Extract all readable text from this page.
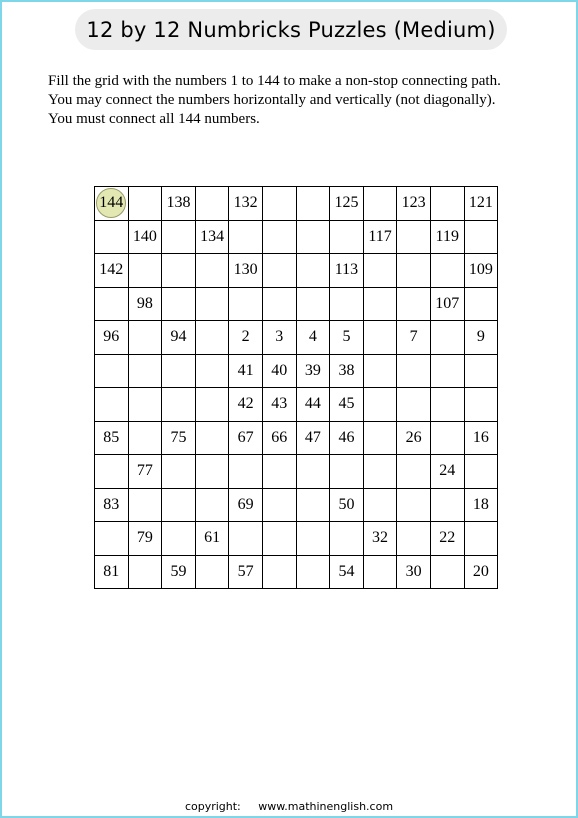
12 by 12 Numbricks Puzzles (Medium)
Fill the grid with the numbers 1 to 144 to make a non-stop connecting path.
You may connect the numbers horizontally and vertically (not diagonally).
You must connect all 144 numbers.
144		138		132			125		123		121
	140		134					117		119	
142				130			113				109
	98									107	
96		94		2	3	4	5		7		9
				41	40	39	38				
				42	43	44	45				
85		75		67	66	47	46		26		16
	77									24	
83				69			50				18
	79		61					32		22	
81		59		57			54		30		20
copyright: www.mathinenglish.com
